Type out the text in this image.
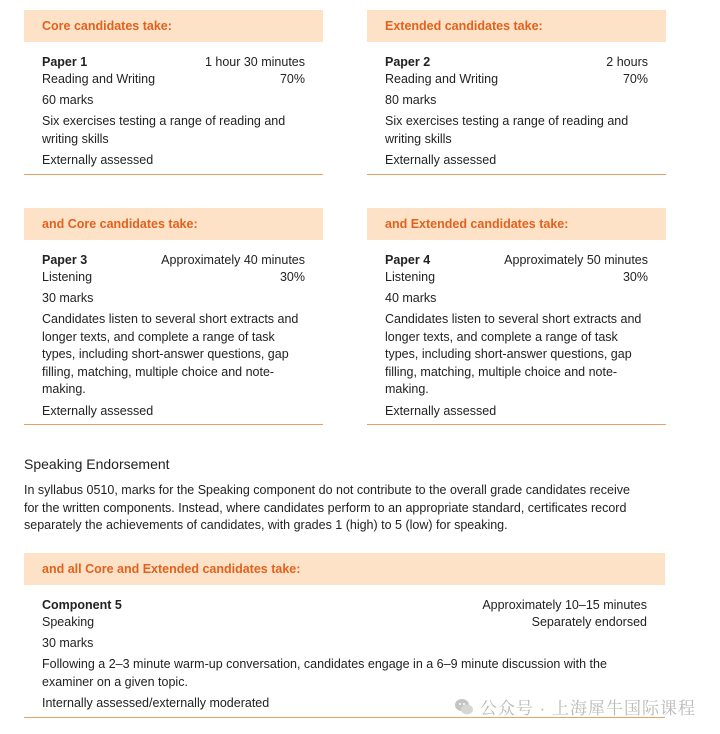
Core candidates take:
Paper 1	1 hour 30 minutes
Reading and Writing	70%
60 marks
Six exercises testing a range of reading and writing skills
Externally assessed
Extended candidates take:
Paper 2	2 hours
Reading and Writing	70%
80 marks
Six exercises testing a range of reading and writing skills
Externally assessed
and Core candidates take:
Paper 3	Approximately 40 minutes
Listening	30%
30 marks
Candidates listen to several short extracts and longer texts, and complete a range of task types, including short-answer questions, gap filling, matching, multiple choice and note-making.
Externally assessed
and Extended candidates take:
Paper 4	Approximately 50 minutes
Listening	30%
40 marks
Candidates listen to several short extracts and longer texts, and complete a range of task types, including short-answer questions, gap filling, matching, multiple choice and note-making.
Externally assessed
Speaking Endorsement
In syllabus 0510, marks for the Speaking component do not contribute to the overall grade candidates receive for the written components. Instead, where candidates perform to an appropriate standard, certificates record separately the achievements of candidates, with grades 1 (high) to 5 (low) for speaking.
and all Core and Extended candidates take:
Component 5	Approximately 10–15 minutes
Speaking	Separately endorsed
30 marks
Following a 2–3 minute warm-up conversation, candidates engage in a 6–9 minute discussion with the examiner on a given topic.
Internally assessed/externally moderated	公众号 · 上海犀牛国际课程
